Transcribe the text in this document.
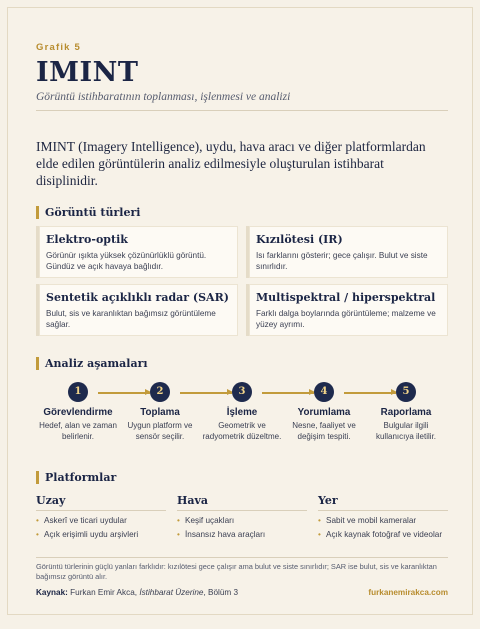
Grafik 5
IMINT
Görüntü istihbaratının toplanması, işlenmesi ve analizi
IMINT (Imagery Intelligence), uydu, hava aracı ve diğer platformlardan elde edilen görüntülerin analiz edilmesiyle oluşturulan istihbarat disiplinidir.
Görüntü türleri
Elektro-optik
Görünür ışıkta yüksek çözünürlüklü görüntü. Gündüz ve açık havaya bağlıdır.
Kızılötesi (IR)
Isı farklarını gösterir; gece çalışır. Bulut ve siste sınırlıdır.
Sentetik açıklıklı radar (SAR)
Bulut, sis ve karanlıktan bağımsız görüntüleme sağlar.
Multispektral / hiperspektral
Farklı dalga boylarında görüntüleme; malzeme ve yüzey ayrımı.
Analiz aşamaları
1
Görevlendirme
Hedef, alan ve zaman belirlenir.
2
Toplama
Uygun platform ve sensör seçilir.
3
İşleme
Geometrik ve radyometrik düzeltme.
4
Yorumlama
Nesne, faaliyet ve değişim tespiti.
5
Raporlama
Bulgular ilgili kullanıcıya iletilir.
Platformlar
Uzay
• Askerî ve ticari uydular
• Açık erişimli uydu arşivleri
Hava
• Keşif uçakları
• İnsansız hava araçları
Yer
• Sabit ve mobil kameralar
• Açık kaynak fotoğraf ve videolar
Görüntü türlerinin güçlü yanları farklıdır: kızılötesi gece çalışır ama bulut ve siste sınırlıdır; SAR ise bulut, sis ve karanlıktan bağımsız görüntü alır.
Kaynak: Furkan Emir Akca, İstihbarat Üzerine, Bölüm 3	furkanemirakca.com
